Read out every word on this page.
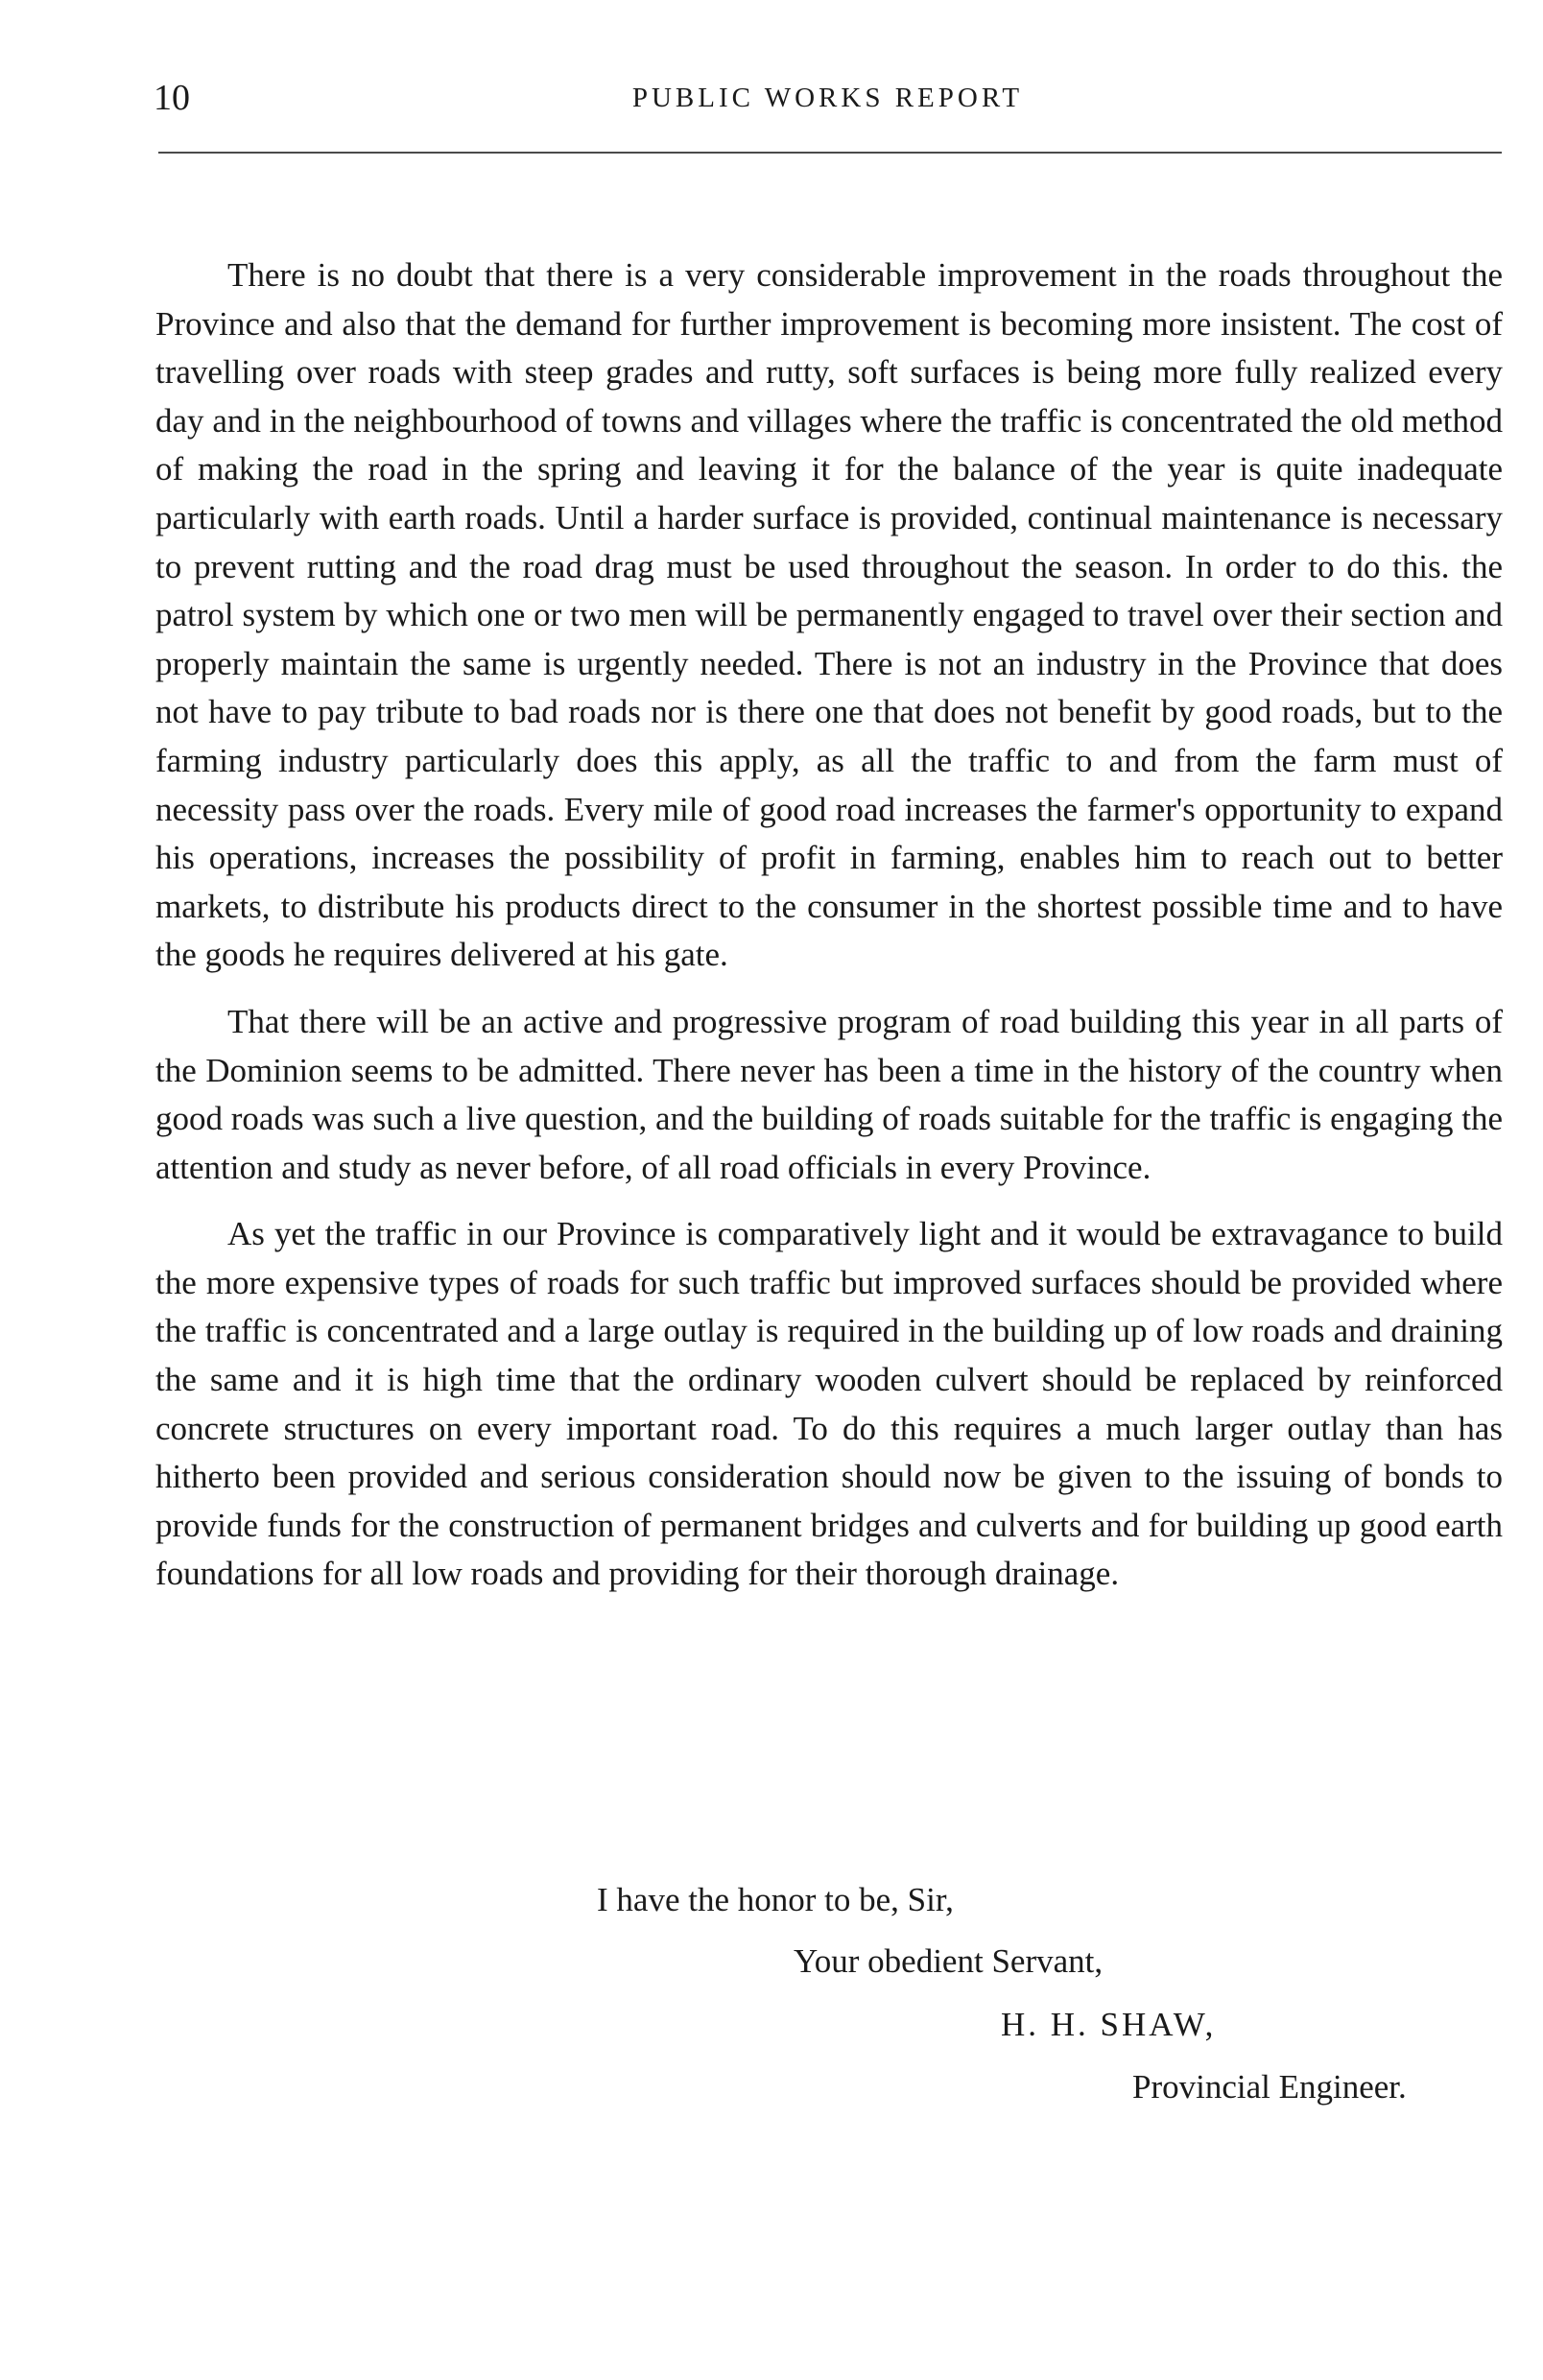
10	PUBLIC WORKS REPORT

There is no doubt that there is a very considerable improvement in the roads throughout the Province and also that the demand for further improvement is becoming more insistent. The cost of travelling over roads with steep grades and rutty, soft surfaces is being more fully realized every day and in the neighbourhood of towns and villages where the traffic is concentrated the old method of making the road in the spring and leaving it for the balance of the year is quite inadequate particularly with earth roads. Until a harder surface is provided, continual maintenance is necessary to prevent rutting and the road drag must be used throughout the season. In order to do this. the patrol system by which one or two men will be permanently engaged to travel over their section and properly maintain the same is urgently needed. There is not an industry in the Province that does not have to pay tribute to bad roads nor is there one that does not benefit by good roads, but to the farming industry particularly does this apply, as all the traffic to and from the farm must of necessity pass over the roads. Every mile of good road increases the farmer's opportunity to expand his operations, increases the possibility of profit in farming, enables him to reach out to better markets, to distribute his products direct to the consumer in the shortest possible time and to have the goods he requires delivered at his gate.

That there will be an active and progressive program of road building this year in all parts of the Dominion seems to be admitted. There never has been a time in the history of the country when good roads was such a live question, and the building of roads suitable for the traffic is engaging the attention and study as never before, of all road officials in every Province.

As yet the traffic in our Province is comparatively light and it would be extravagance to build the more expensive types of roads for such traffic but improved surfaces should be provided where the traffic is concentrated and a large outlay is required in the building up of low roads and draining the same and it is high time that the ordinary wooden culvert should be replaced by reinforced concrete structures on every important road. To do this requires a much larger outlay than has hitherto been provided and serious consideration should now be given to the issuing of bonds to provide funds for the construction of permanent bridges and culverts and for building up good earth foundations for all low roads and providing for their thorough drainage.

I have the honor to be, Sir,
Your obedient Servant,
H. H. SHAW,
Provincial Engineer.
